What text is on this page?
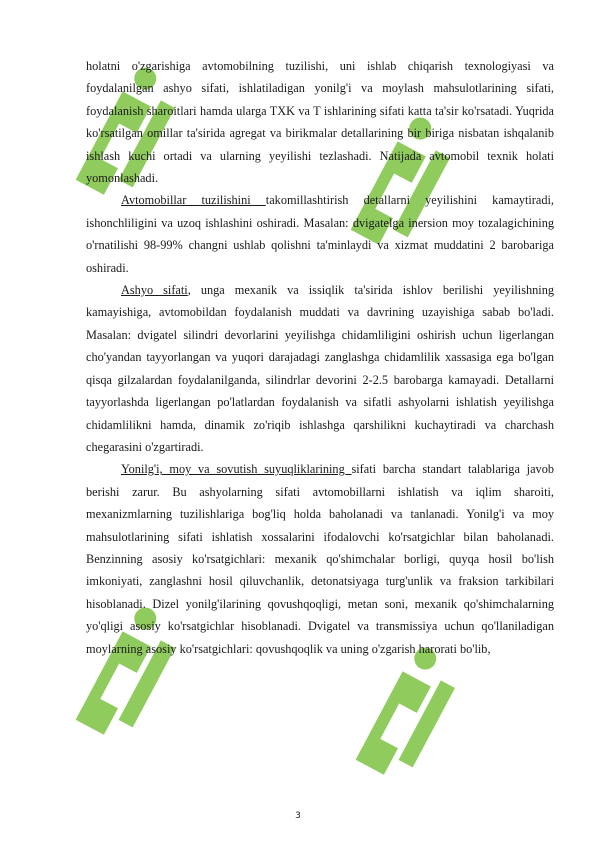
holatni o'zgarishiga avtomobilning tuzilishi, uni ishlab chiqarish texnologiyasi va foydalanilgan ashyo sifati, ishlatiladigan yonilg'i va moylash mahsulotlarining sifati, foydalanish sharoitlari hamda ularga TXK va T ishlarining sifati katta ta'sir ko'rsatadi. Yuqrida ko'rsatilgan omillar ta'sirida agregat va birikmalar detallarining bir biriga nisbatan ishqalanib ishlash kuchi ortadi va ularning yeyilishi tezlashadi. Natijada avtomobil texnik holati yomonlashadi.

Avtomobillar tuzilishini takomillashtirish detallarni yeyilishini kamaytiradi, ishonchliligini va uzoq ishlashini oshiradi. Masalan: dvigatelga inersion moy tozalagichining o'rnatilishi 98-99% changni ushlab qolishni ta'minlaydi va xizmat muddatini 2 barobariga oshiradi.

Ashyo sifati, unga mexanik va issiqlik ta'sirida ishlov berilishi yeyilishning kamayishiga, avtomobildan foydalanish muddati va davrining uzayishiga sabab bo'ladi. Masalan: dvigatel silindri devorlarini yeyilishga chidamliligini oshirish uchun ligerlangan cho'yandan tayyorlangan va yuqori darajadagi zanglashga chidamlilik xassasiga ega bo'lgan qisqa gilzalardan foydalanilganda, silindrlar devorini 2-2.5 barobarga kamayadi. Detallarni tayyorlashda ligerlangan po'latlardan foydalanish va sifatli ashyolarni ishlatish yeyilishga chidamlilikni hamda, dinamik zo'riqib ishlashga qarshilikni kuchaytiradi va charchash chegarasini o'zgartiradi.

Yonilg'i, moy va sovutish suyuqliklarining sifati barcha standart talablariga javob berishi zarur. Bu ashyolarning sifati avtomobillarni ishlatish va iqlim sharoiti, mexanizmlarning tuzilishlariga bog'liq holda baholanadi va tanlanadi. Yonilg'i va moy mahsulotlarining sifati ishlatish xossalarini ifodalovchi ko'rsatgichlar bilan baholanadi. Benzinning asosiy ko'rsatgichlari: mexanik qo'shimchalar borligi, quyqa hosil bo'lish imkoniyati, zanglashni hosil qiluvchanlik, detonatsiyaga turg'unlik va fraksion tarkibilari hisoblanadi. Dizel yonilg'ilarining qovushqoqligi, metan soni, mexanik qo'shimchalarning yo'qligi asosiy ko'rsatgichlar hisoblanadi. Dvigatel va transmissiya uchun qo'llaniladigan moylarning asosiy ko'rsatgichlari: qovushqoqlik va uning o'zgarish harorati bo'lib,

3
